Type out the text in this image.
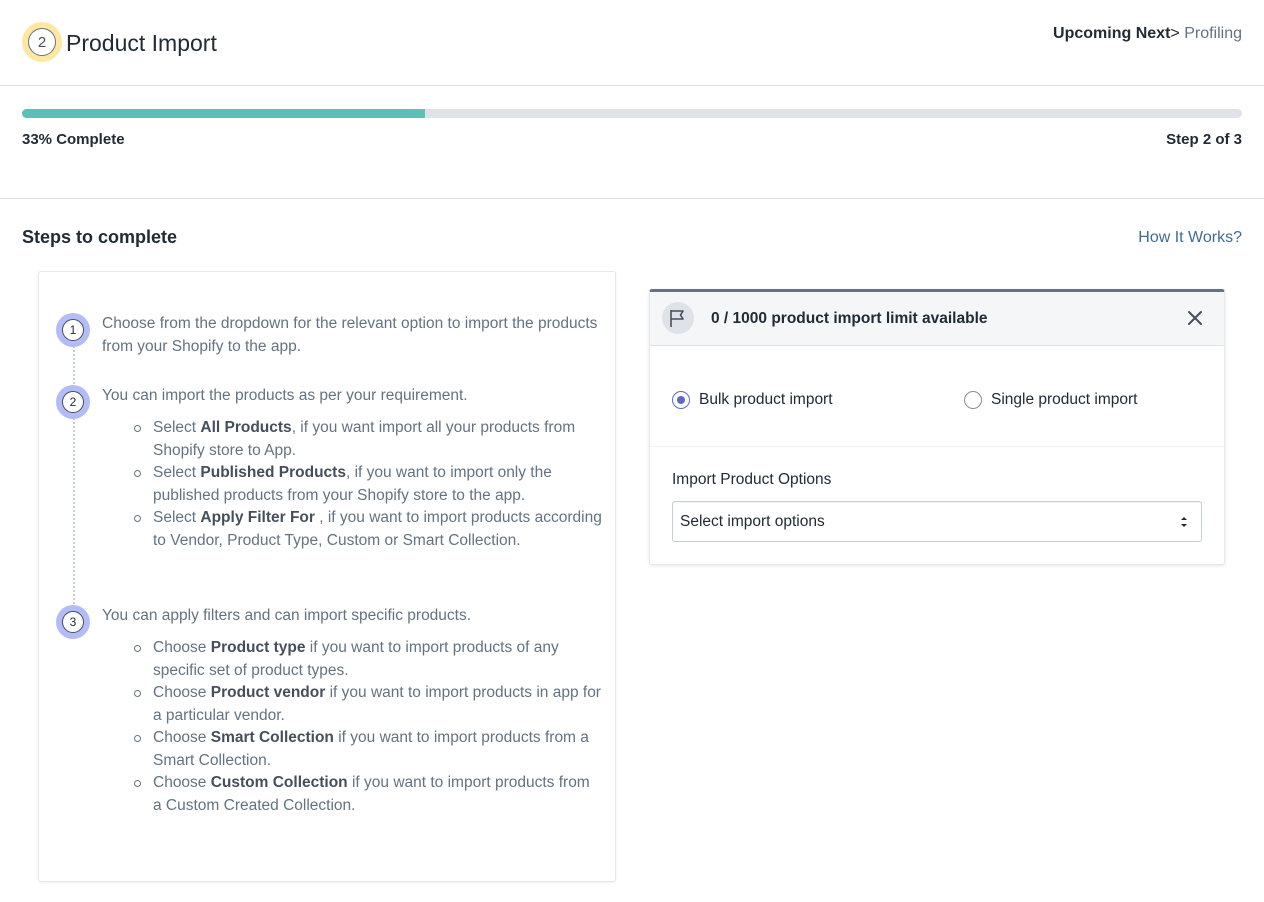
2 Product Import	Upcoming Next> Profiling
33% Complete	Step 2 of 3
Steps to complete	How It Works?
1	Choose from the dropdown for the relevant option to import the products from your Shopify to the app.
2	You can import the products as per your requirement.
Select All Products, if you want import all your products from Shopify store to App.
Select Published Products, if you want to import only the published products from your Shopify store to the app.
Select Apply Filter For , if you want to import products according to Vendor, Product Type, Custom or Smart Collection.
3	You can apply filters and can import specific products.
Choose Product type if you want to import products of any specific set of product types.
Choose Product vendor if you want to import products in app for a particular vendor.
Choose Smart Collection if you want to import products from a Smart Collection.
Choose Custom Collection if you want to import products from a Custom Created Collection.
0 / 1000 product import limit available
Bulk product import	Single product import
Import Product Options
Select import options
